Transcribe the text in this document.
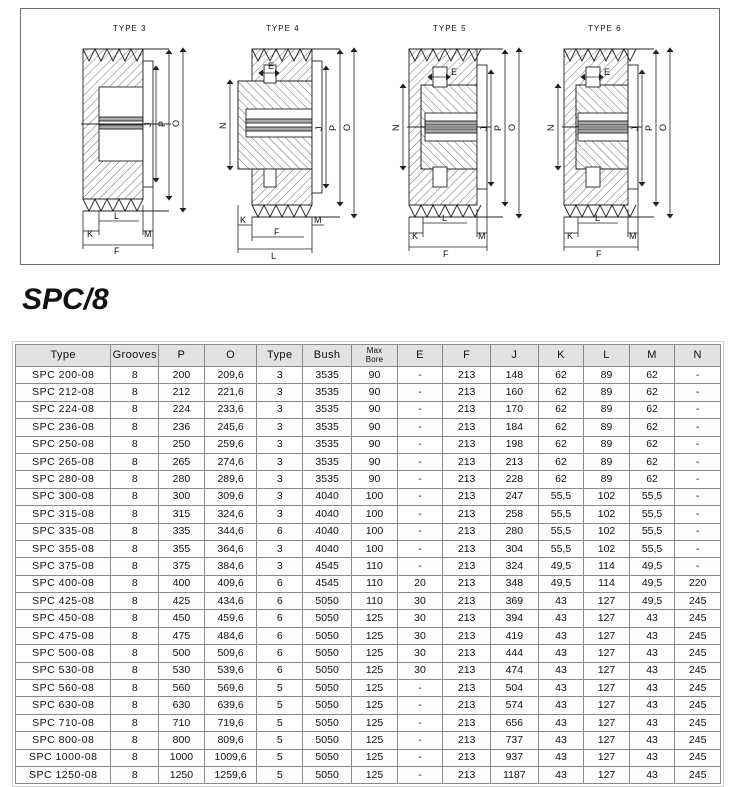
TYPE 3
J P O
K
L
M
F
TYPE 4
E
N	J P O
K
F
L
M
TYPE 5
E
N	J P O
K
L
M
F
TYPE 6
E
N	J P O
K
L
M
F
SPC/8
Type	Grooves	P	O	Type	Bush	Max
Bore	E	F	J	K	L	M	N
SPC 200-08	8	200	209,6	3	3535	90	-	213	148	62	89	62	-
SPC 212-08	8	212	221,6	3	3535	90	-	213	160	62	89	62	-
SPC 224-08	8	224	233,6	3	3535	90	-	213	170	62	89	62	-
SPC 236-08	8	236	245,6	3	3535	90	-	213	184	62	89	62	-
SPC 250-08	8	250	259,6	3	3535	90	-	213	198	62	89	62	-
SPC 265-08	8	265	274,6	3	3535	90	-	213	213	62	89	62	-
SPC 280-08	8	280	289,6	3	3535	90	-	213	228	62	89	62	-
SPC 300-08	8	300	309,6	3	4040	100	-	213	247	55,5	102	55,5	-
SPC 315-08	8	315	324,6	3	4040	100	-	213	258	55,5	102	55,5	-
SPC 335-08	8	335	344,6	6	4040	100	-	213	280	55,5	102	55,5	-
SPC 355-08	8	355	364,6	3	4040	100	-	213	304	55,5	102	55,5	-
SPC 375-08	8	375	384,6	3	4545	110	-	213	324	49,5	114	49,5	-
SPC 400-08	8	400	409,6	6	4545	110	20	213	348	49,5	114	49,5	220
SPC 425-08	8	425	434,6	6	5050	110	30	213	369	43	127	49,5	245
SPC 450-08	8	450	459,6	6	5050	125	30	213	394	43	127	43	245
SPC 475-08	8	475	484,6	6	5050	125	30	213	419	43	127	43	245
SPC 500-08	8	500	509,6	6	5050	125	30	213	444	43	127	43	245
SPC 530-08	8	530	539,6	6	5050	125	30	213	474	43	127	43	245
SPC 560-08	8	560	569,6	5	5050	125	-	213	504	43	127	43	245
SPC 630-08	8	630	639,6	5	5050	125	-	213	574	43	127	43	245
SPC 710-08	8	710	719,6	5	5050	125	-	213	656	43	127	43	245
SPC 800-08	8	800	809,6	5	5050	125	-	213	737	43	127	43	245
SPC 1000-08	8	1000	1009,6	5	5050	125	-	213	937	43	127	43	245
SPC 1250-08	8	1250	1259,6	5	5050	125	-	213	1187	43	127	43	245
